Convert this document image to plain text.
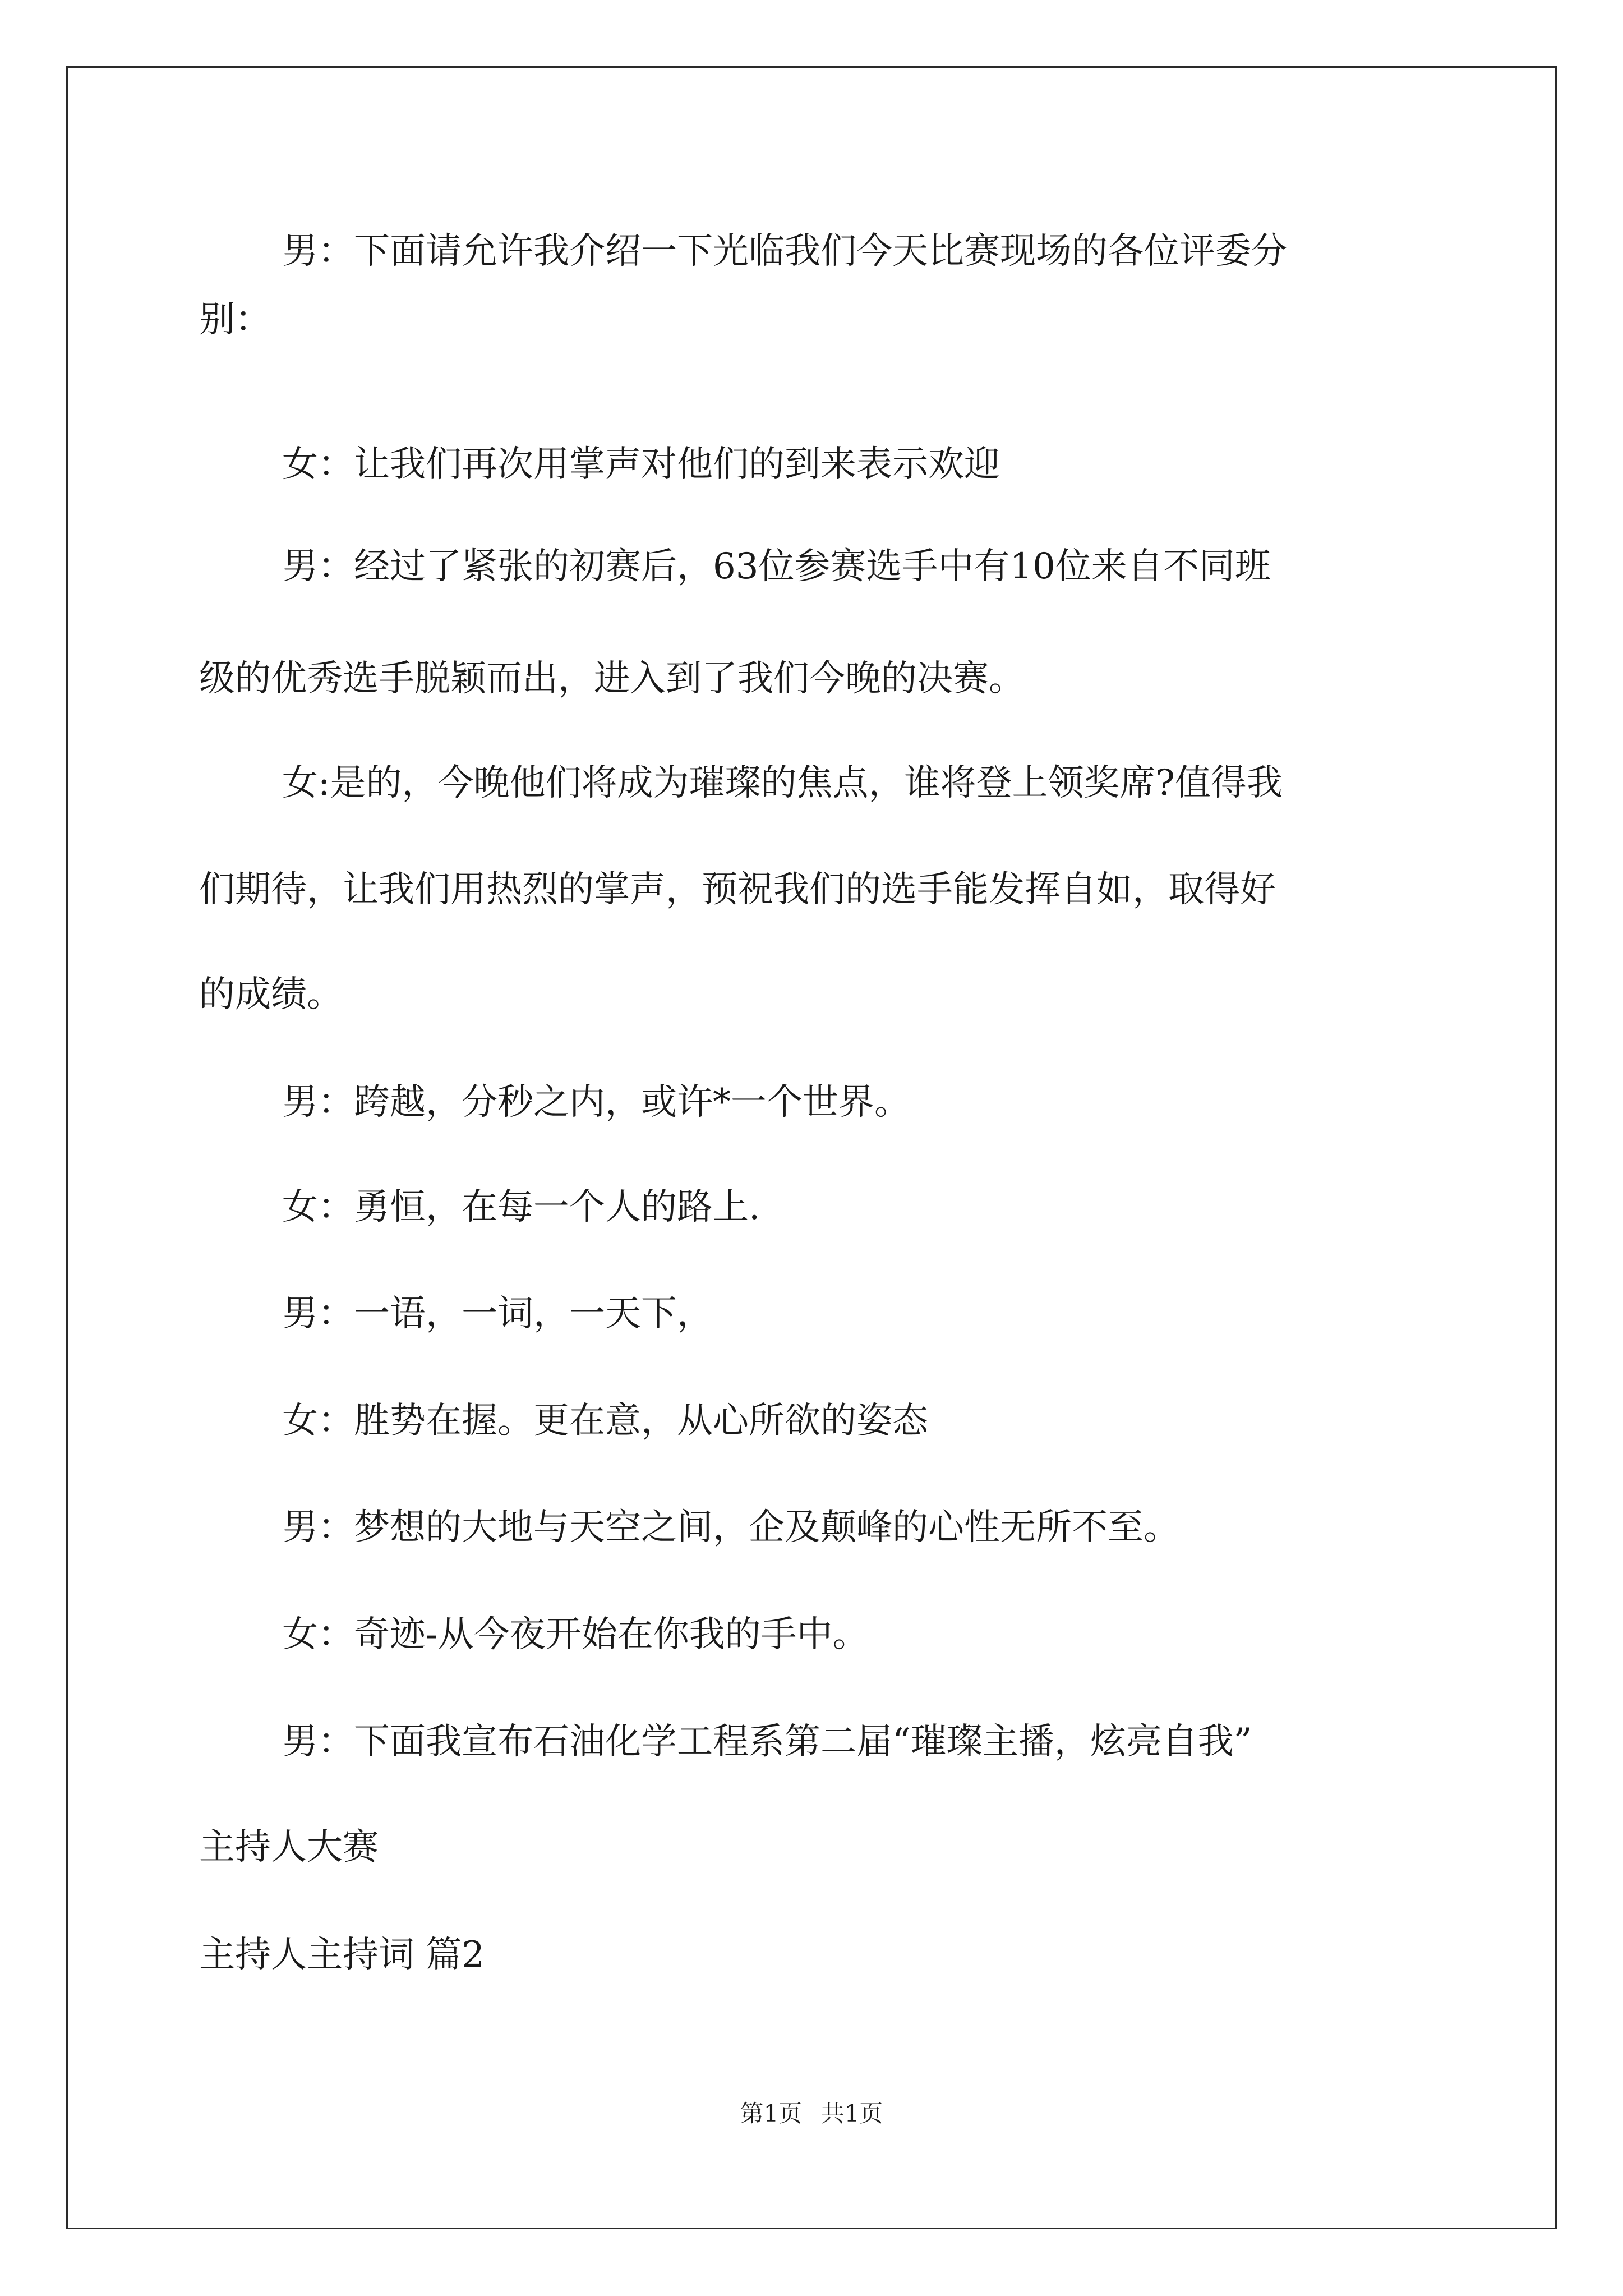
男：下面请允许我介绍一下光临我们今天比赛现场的各位评委分
别：
女：让我们再次用掌声对他们的到来表示欢迎
男：经过了紧张的初赛后，63位参赛选手中有10位来自不同班
级的优秀选手脱颖而出，进入到了我们今晚的决赛。
女:是的，今晚他们将成为璀璨的焦点，谁将登上领奖席?值得我
们期待，让我们用热烈的掌声，预祝我们的选手能发挥自如，取得好
的成绩。
男：跨越，分秒之内，或许*一个世界。
女：勇恒，在每一个人的路上.
男：一语，一词，一天下，
女：胜势在握。更在意，从心所欲的姿态
男：梦想的大地与天空之间，企及颠峰的心性无所不至。
女：奇迹-从今夜开始在你我的手中。
男：下面我宣布石油化学工程系第二届“璀璨主播，炫亮自我”
主持人大赛
主持人主持词 篇2
第1页 共1页
